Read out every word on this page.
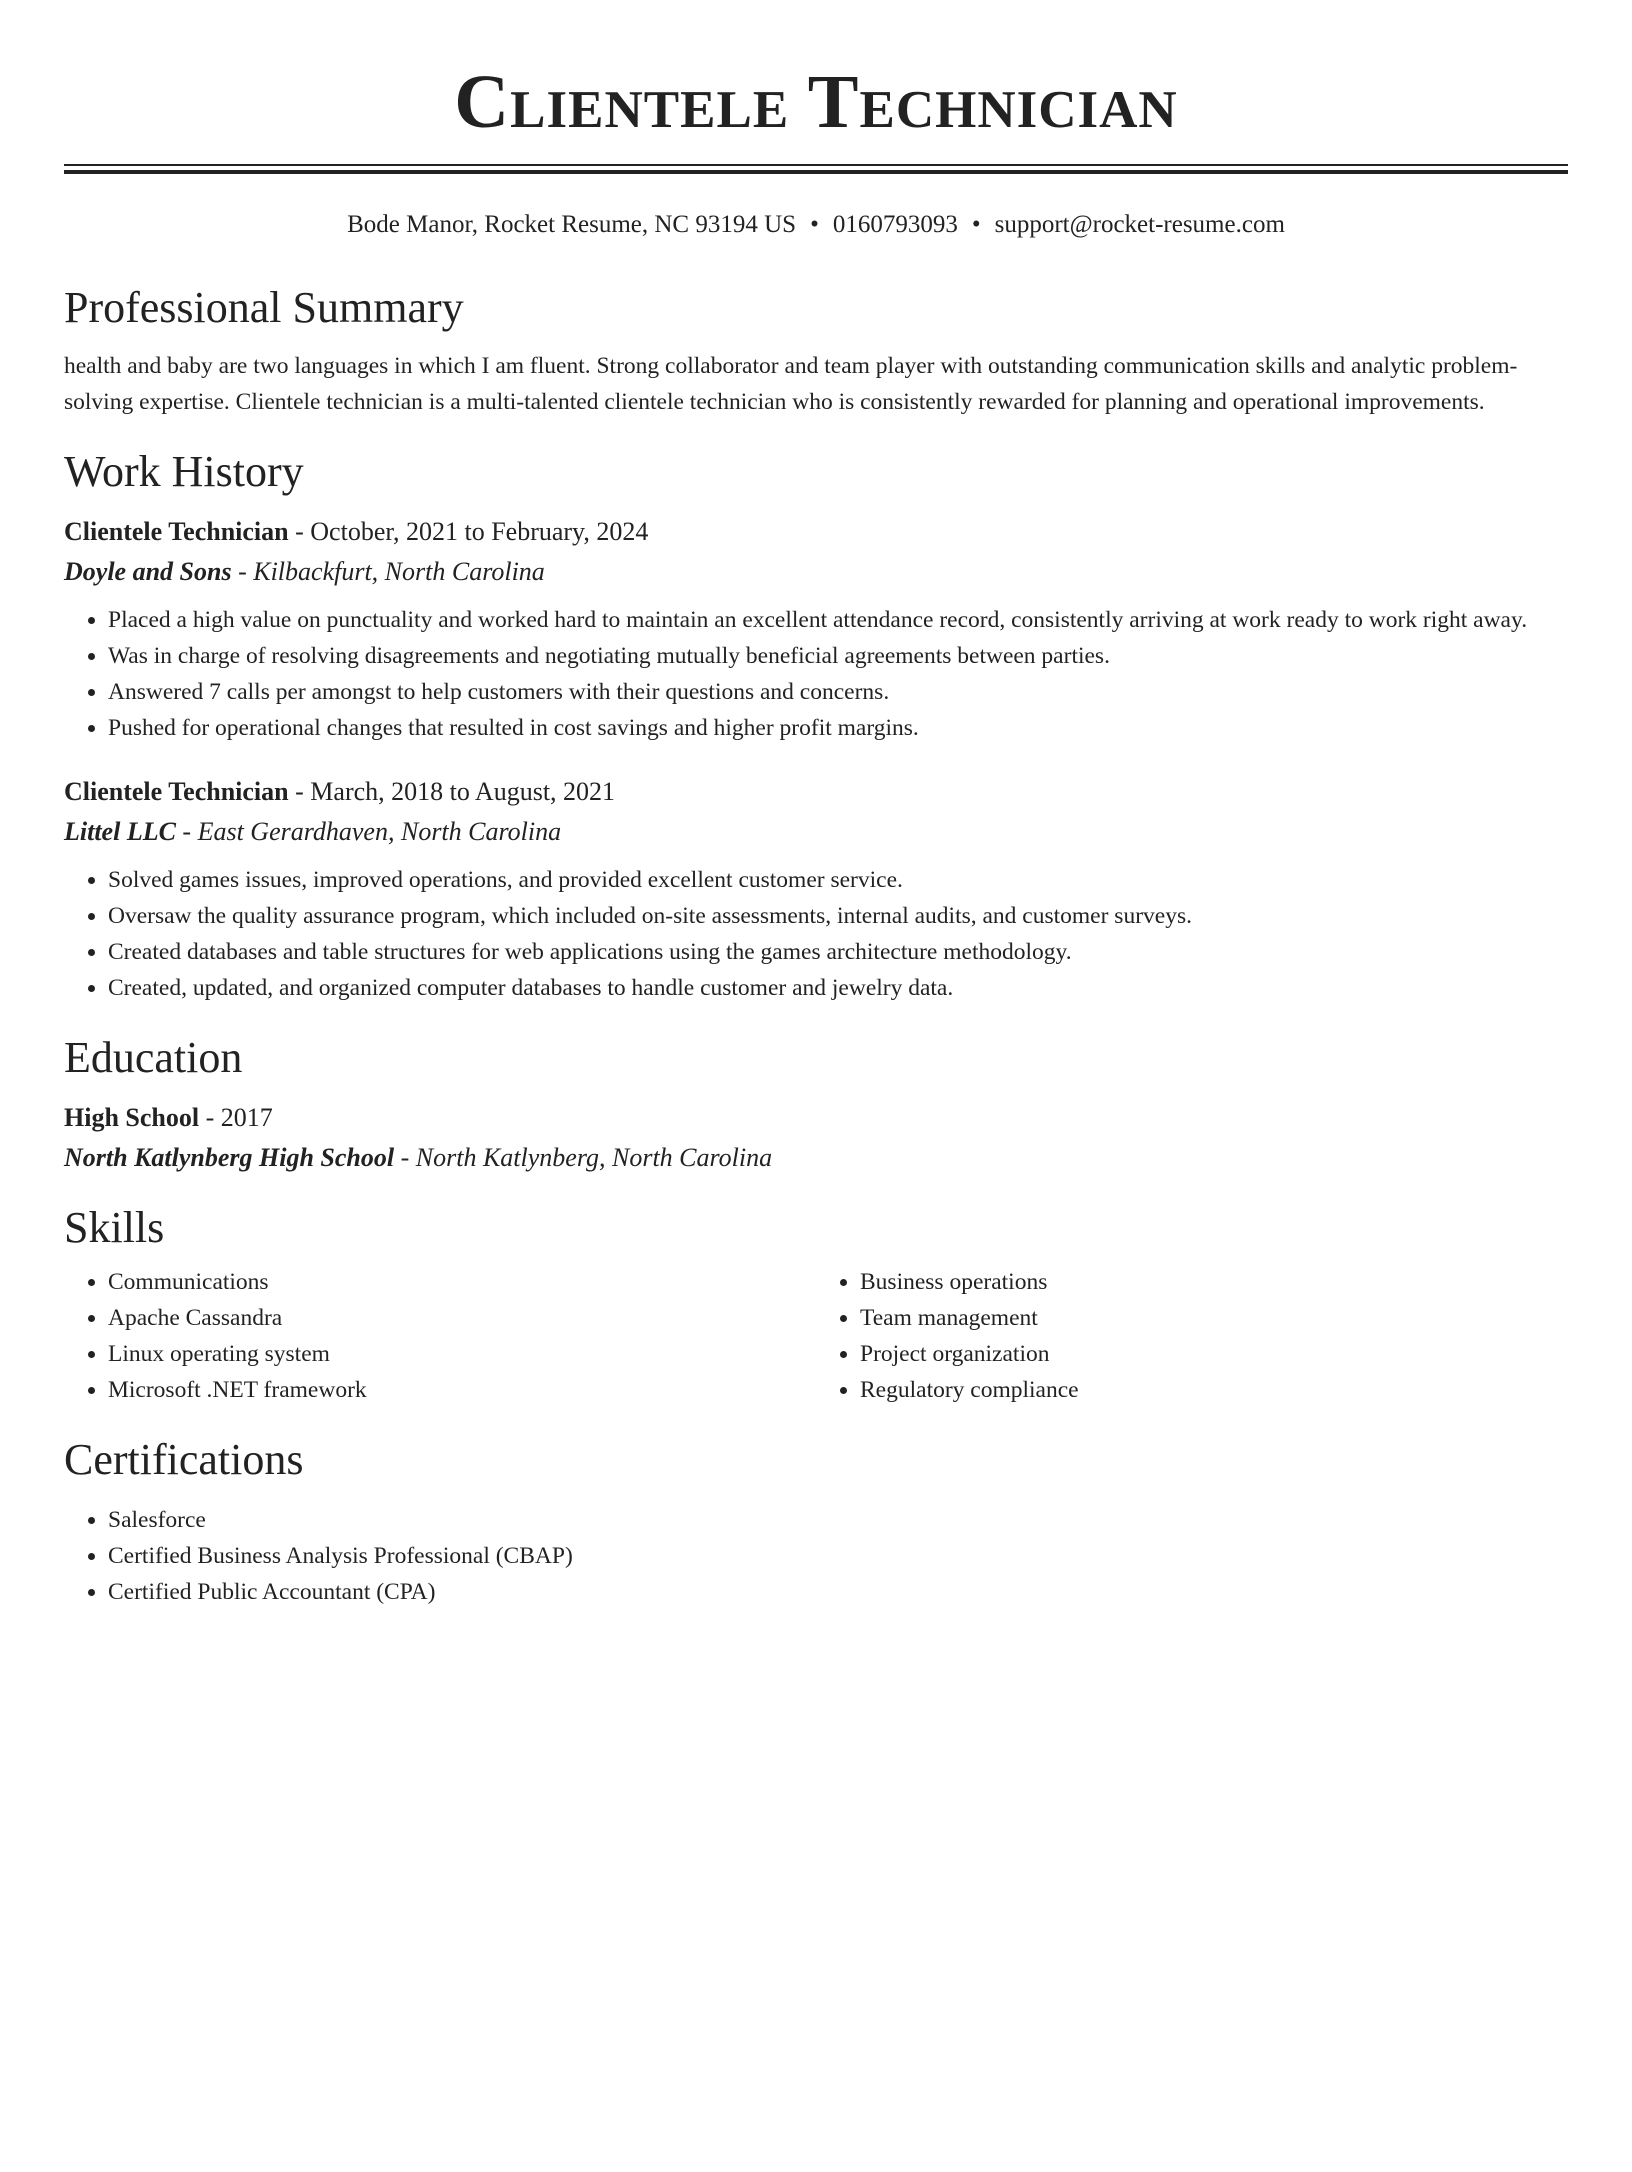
Clientele Technician
Bode Manor, Rocket Resume, NC 93194 US • 0160793093 • support@rocket-resume.com
Professional Summary

health and baby are two languages in which I am fluent. Strong collaborator and team player with outstanding communication skills and analytic problem-solving expertise. Clientele technician is a multi-talented clientele technician who is consistently rewarded for planning and operational improvements.

Work History
Clientele Technician - October, 2021 to February, 2024
Doyle and Sons - Kilbackfurt, North Carolina
• Placed a high value on punctuality and worked hard to maintain an excellent attendance record, consistently arriving at work ready to work right away.
• Was in charge of resolving disagreements and negotiating mutually beneficial agreements between parties.
• Answered 7 calls per amongst to help customers with their questions and concerns.
• Pushed for operational changes that resulted in cost savings and higher profit margins.
Clientele Technician - March, 2018 to August, 2021
Littel LLC - East Gerardhaven, North Carolina
• Solved games issues, improved operations, and provided excellent customer service.
• Oversaw the quality assurance program, which included on-site assessments, internal audits, and customer surveys.
• Created databases and table structures for web applications using the games architecture methodology.
• Created, updated, and organized computer databases to handle customer and jewelry data.
Education
High School - 2017
North Katlynberg High School - North Katlynberg, North Carolina
Skills
• Communications
• Apache Cassandra
• Linux operating system
• Microsoft .NET framework
• Business operations
• Team management
• Project organization
• Regulatory compliance
Certifications
• Salesforce
• Certified Business Analysis Professional (CBAP)
• Certified Public Accountant (CPA)
